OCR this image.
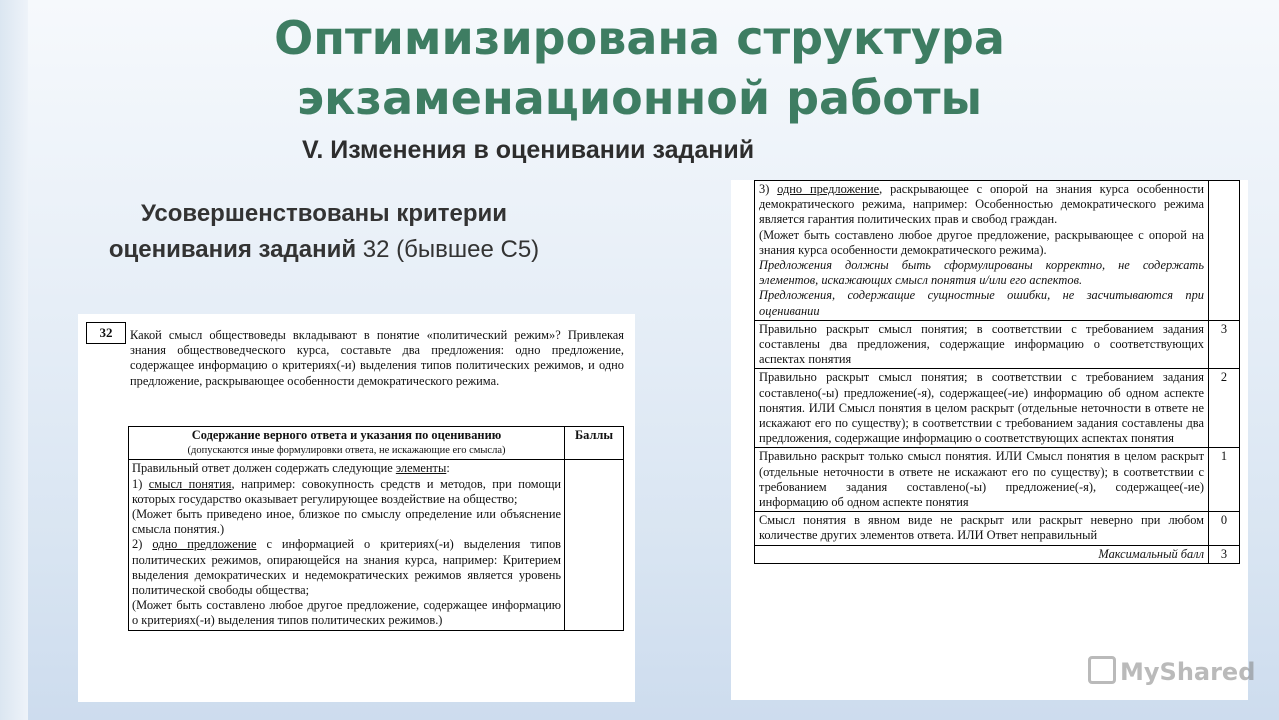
Оптимизирована структура
экзаменационной работы
V. Изменения в оценивании заданий
Усовершенствованы критерии
оценивания заданий 32 (бывшее С5)
32	Какой смысл обществоведы вкладывают в понятие «политический режим»? Привлекая знания обществоведческого курса, составьте два предложения: одно предложение, содержащее информацию о критериях(-и) выделения типов политических режимов, и одно предложение, раскрывающее особенности демократического режима.
Содержание верного ответа и указания по оцениванию
(допускаются иные формулировки ответа, не искажающие его смысла)	Баллы
Правильный ответ должен содержать следующие элементы:
1) смысл понятия, например: совокупность средств и методов, при помощи которых государство оказывает регулирующее воздействие на общество;
(Может быть приведено иное, близкое по смыслу определение или объяснение смысла понятия.)
2) одно предложение с информацией о критериях(-и) выделения типов политических режимов, опирающейся на знания курса, например: Критерием выделения демократических и недемократических режимов является уровень политической свободы общества;
(Может быть составлено любое другое предложение, содержащее информацию о критериях(-и) выделения типов политических режимов.)	
3) одно предложение, раскрывающее с опорой на знания курса особенности демократического режима, например: Особенностью демократического режима является гарантия политических прав и свобод граждан.
(Может быть составлено любое другое предложение, раскрывающее с опорой на знания курса особенности демократического режима).
Предложения должны быть сформулированы корректно, не содержать элементов, искажающих смысл понятия и/или его аспектов.
Предложения, содержащие сущностные ошибки, не засчитываются при оценивании	
Правильно раскрыт смысл понятия; в соответствии с требованием задания составлены два предложения, содержащие информацию о соответствующих аспектах понятия	3
Правильно раскрыт смысл понятия; в соответствии с требованием задания составлено(-ы) предложение(-я), содержащее(-ие) информацию об одном аспекте понятия. ИЛИ Смысл понятия в целом раскрыт (отдельные неточности в ответе не искажают его по существу); в соответствии с требованием задания составлены два предложения, содержащие информацию о соответствующих аспектах понятия	2
Правильно раскрыт только смысл понятия. ИЛИ Смысл понятия в целом раскрыт (отдельные неточности в ответе не искажают его по существу); в соответствии с требованием задания составлено(-ы) предложение(-я), содержащее(-ие) информацию об одном аспекте понятия	1
Смысл понятия в явном виде не раскрыт или раскрыт неверно при любом количестве других элементов ответа. ИЛИ Ответ неправильный	0
Максимальный балл	3
MyShared
